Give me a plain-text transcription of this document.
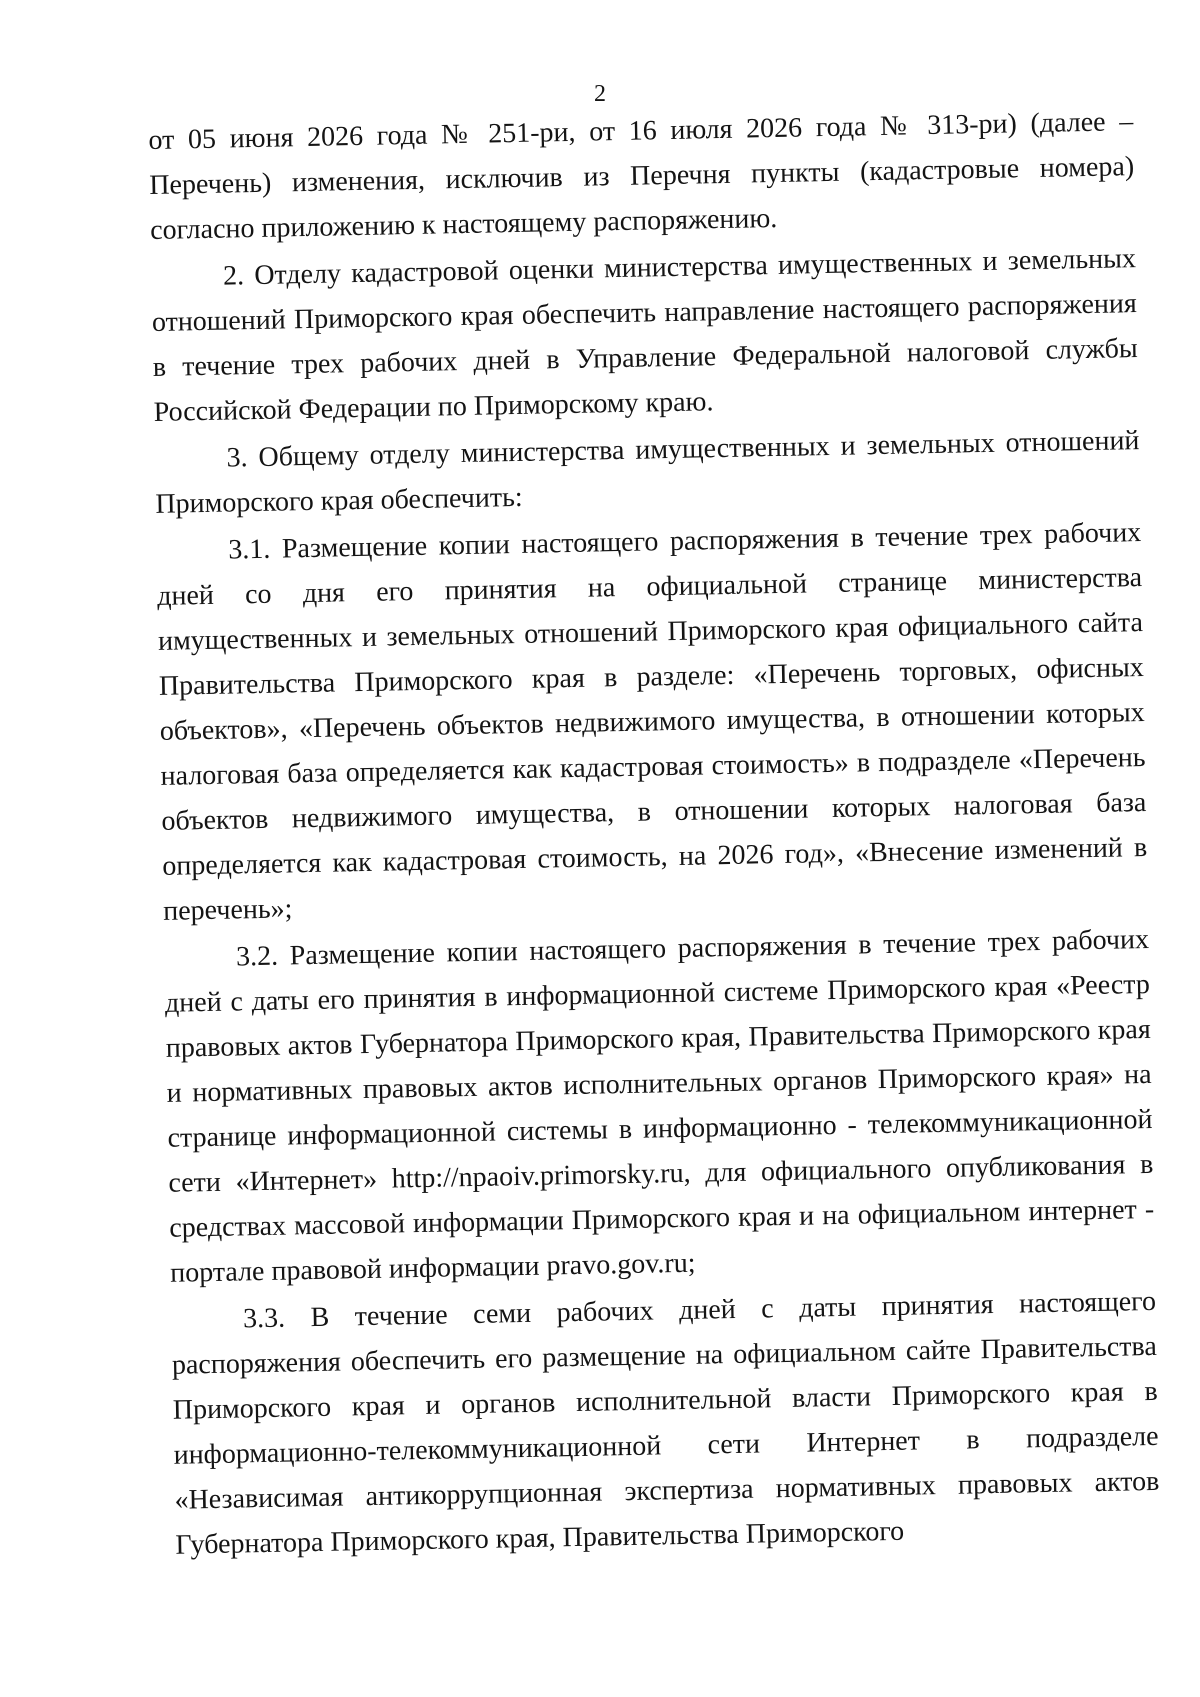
2

от 05 июня 2026 года № 251-ри, от 16 июля 2026 года № 313-ри) (далее – Перечень) изменения, исключив из Перечня пункты (кадастровые номера) согласно приложению к настоящему распоряжению.

2. Отделу кадастровой оценки министерства имущественных и земельных отношений Приморского края обеспечить направление настоящего распоряжения в течение трех рабочих дней в Управление Федеральной налоговой службы Российской Федерации по Приморскому краю.

3. Общему отделу министерства имущественных и земельных отношений Приморского края обеспечить:

3.1. Размещение копии настоящего распоряжения в течение трех рабочих дней со дня его принятия на официальной странице министерства имущественных и земельных отношений Приморского края официального сайта Правительства Приморского края в разделе: «Перечень торговых, офисных объектов», «Перечень объектов недвижимого имущества, в отношении которых налоговая база определяется как кадастровая стоимость» в подразделе «Перечень объектов недвижимого имущества, в отношении которых налоговая база определяется как кадастровая стоимость, на 2026 год», «Внесение изменений в перечень»;

3.2. Размещение копии настоящего распоряжения в течение трех рабочих дней с даты его принятия в информационной системе Приморского края «Реестр правовых актов Губернатора Приморского края, Правительства Приморского края и нормативных правовых актов исполнительных органов Приморского края» на странице информационной системы в информационно - телекоммуникационной сети «Интернет» http://npaoiv.primorsky.ru, для официального опубликования в средствах массовой информации Приморского края и на официальном интернет - портале правовой информации pravo.gov.ru;

3.3. В течение семи рабочих дней с даты принятия настоящего распоряжения обеспечить его размещение на официальном сайте Правительства Приморского края и органов исполнительной власти Приморского края в информационно-телекоммуникационной сети Интернет в подразделе «Независимая антикоррупционная экспертиза нормативных правовых актов Губернатора Приморского края, Правительства Приморского
